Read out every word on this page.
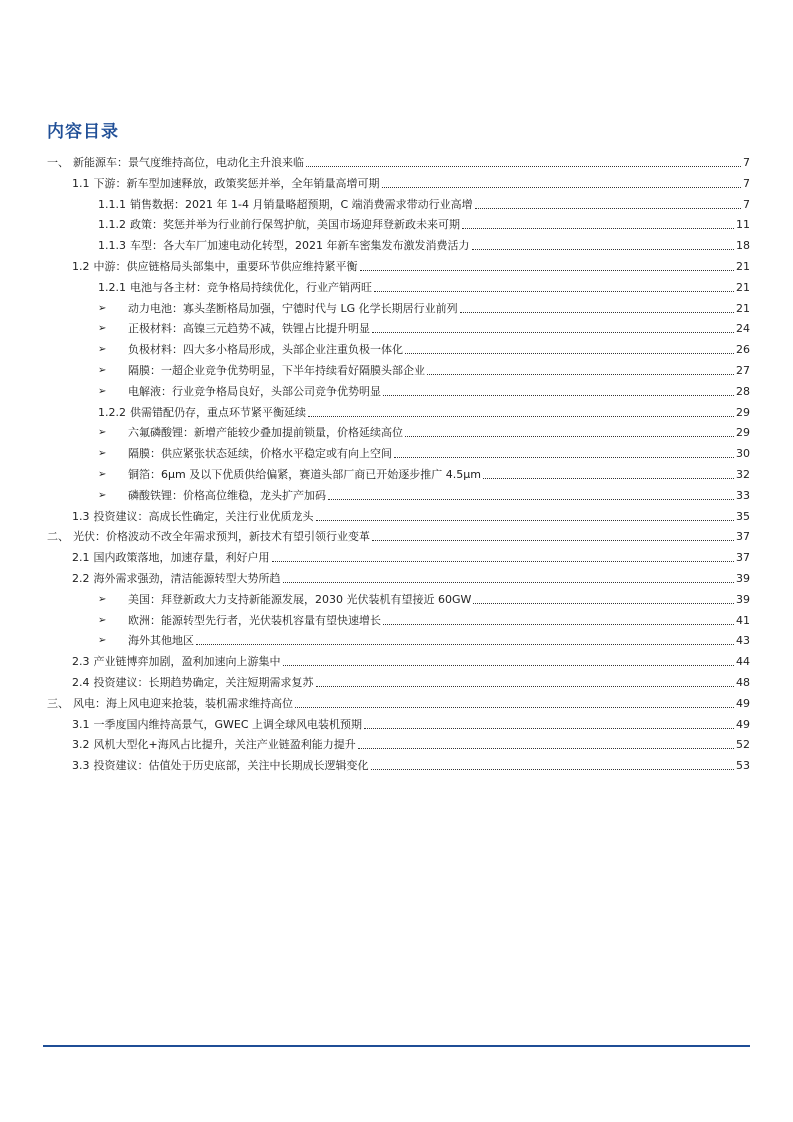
内容目录
一、 新能源车：景气度维持高位，电动化主升浪来临	7
1.1 下游：新车型加速释放，政策奖惩并举，全年销量高增可期	7
1.1.1 销售数据：2021 年 1-4 月销量略超预期，C 端消费需求带动行业高增	7
1.1.2 政策：奖惩并举为行业前行保驾护航，美国市场迎拜登新政未来可期	11
1.1.3 车型：各大车厂加速电动化转型，2021 年新车密集发布激发消费活力	18
1.2 中游：供应链格局头部集中，重要环节供应维持紧平衡	21
1.2.1 电池与各主材：竞争格局持续优化，行业产销两旺	21
➢	动力电池：寡头垄断格局加强，宁德时代与 LG 化学长期居行业前列	21
➢	正极材料：高镍三元趋势不减，铁锂占比提升明显	24
➢	负极材料：四大多小格局形成，头部企业注重负极一体化	26
➢	隔膜：一超企业竞争优势明显，下半年持续看好隔膜头部企业	27
➢	电解液：行业竞争格局良好，头部公司竞争优势明显	28
1.2.2 供需错配仍存，重点环节紧平衡延续	29
➢	六氟磷酸锂：新增产能较少叠加提前锁量，价格延续高位	29
➢	隔膜：供应紧张状态延续，价格水平稳定或有向上空间	30
➢	铜箔：6μm 及以下优质供给偏紧，赛道头部厂商已开始逐步推广 4.5μm	32
➢	磷酸铁锂：价格高位维稳，龙头扩产加码	33
1.3 投资建议：高成长性确定，关注行业优质龙头	35
二、 光伏：价格波动不改全年需求预判，新技术有望引领行业变革	37
2.1 国内政策落地，加速存量，利好户用	37
2.2 海外需求强劲，清洁能源转型大势所趋	39
➢	美国：拜登新政大力支持新能源发展，2030 光伏装机有望接近 60GW	39
➢	欧洲：能源转型先行者，光伏装机容量有望快速增长	41
➢	海外其他地区	43
2.3 产业链博弈加剧，盈利加速向上游集中	44
2.4 投资建议：长期趋势确定，关注短期需求复苏	48
三、 风电：海上风电迎来抢装，装机需求维持高位	49
3.1 一季度国内维持高景气，GWEC 上调全球风电装机预期	49
3.2 风机大型化+海风占比提升，关注产业链盈利能力提升	52
3.3 投资建议：估值处于历史底部，关注中长期成长逻辑变化	53
